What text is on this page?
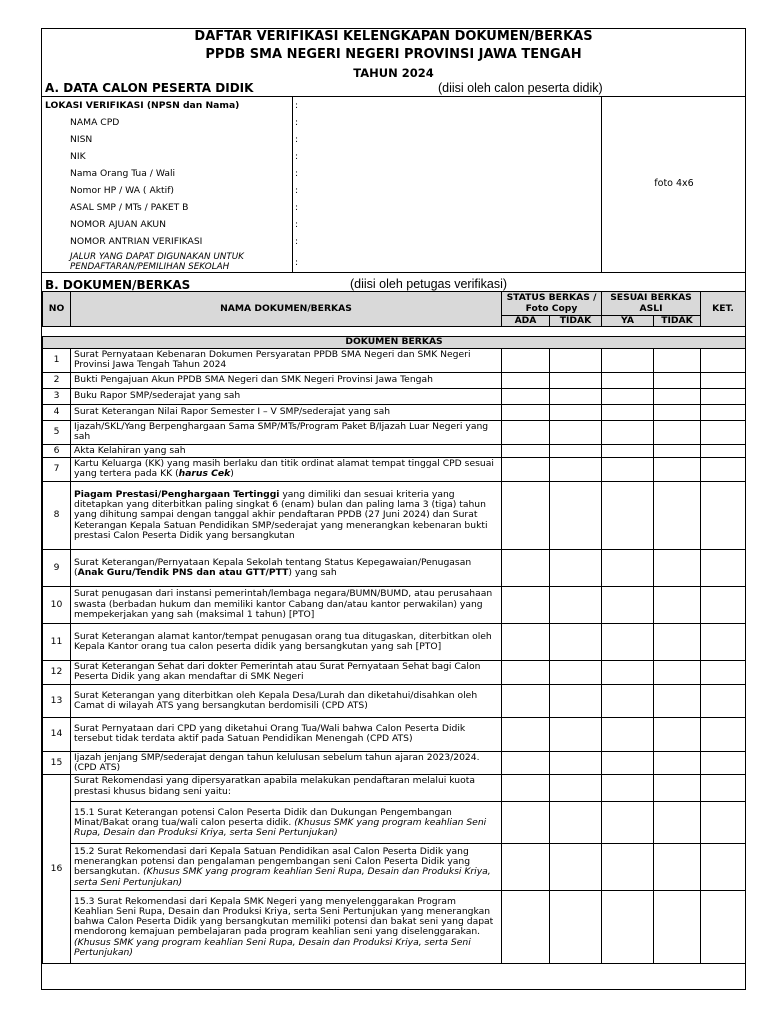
DAFTAR VERIFIKASI KELENGKAPAN DOKUMEN/BERKAS
PPDB SMA NEGERI NEGERI PROVINSI JAWA TENGAH
TAHUN 2024
A. DATA CALON PESERTA DIDIK	(diisi oleh calon peserta didik)
foto 4x6
LOKASI VERIFIKASI (NPSN dan Nama)	:
NAMA CPD	:
NISN	:
NIK	:
Nama Orang Tua / Wali	:
Nomor HP / WA ( Aktif)	:
ASAL SMP / MTs / PAKET B	:
NOMOR AJUAN AKUN	:
NOMOR ANTRIAN VERIFIKASI	:
JALUR YANG DAPAT DIGUNAKAN UNTUK PENDAFTARAN/PEMILIHAN SEKOLAH	:
B. DOKUMEN/BERKAS	(diisi oleh petugas verifikasi)
NO	NAMA DOKUMEN/BERKAS	STATUS BERKAS / Foto Copy		SESUAI BERKAS ASLI		KET.
		ADA	TIDAK	YA	TIDAK	

DOKUMEN BERKAS						
1	Surat Pernyataan Kebenaran Dokumen Persyaratan PPDB SMA Negeri dan SMK Negeri Provinsi Jawa Tengah Tahun 2024					
2	Bukti Pengajuan Akun PPDB SMA Negeri dan SMK Negeri Provinsi Jawa Tengah					
3	Buku Rapor SMP/sederajat yang sah					
4	Surat Keterangan Nilai Rapor Semester I – V SMP/sederajat yang sah					
5	Ijazah/SKL/Yang Berpenghargaan Sama SMP/MTs/Program Paket B/Ijazah Luar Negeri yang sah					
6	Akta Kelahiran yang sah					
7	Kartu Keluarga (KK) yang masih berlaku dan titik ordinat alamat tempat tinggal CPD sesuai yang tertera pada KK (harus Cek)					
8	Piagam Prestasi/Penghargaan Tertinggi yang dimiliki dan sesuai kriteria yang ditetapkan yang diterbitkan paling singkat 6 (enam) bulan dan paling lama 3 (tiga) tahun yang dihitung sampai dengan tanggal akhir pendaftaran PPDB (27 Juni 2024) dan Surat Keterangan Kepala Satuan Pendidikan SMP/sederajat yang menerangkan kebenaran bukti prestasi Calon Peserta Didik yang bersangkutan					
9	Surat Keterangan/Pernyataan Kepala Sekolah tentang Status Kepegawaian/Penugasan (Anak Guru/Tendik PNS dan atau GTT/PTT) yang sah					
10	Surat penugasan dari instansi pemerintah/lembaga negara/BUMN/BUMD, atau perusahaan swasta (berbadan hukum dan memiliki kantor Cabang dan/atau kantor perwakilan) yang mempekerjakan yang sah (maksimal 1 tahun) [PTO]					
11	Surat Keterangan alamat kantor/tempat penugasan orang tua ditugaskan, diterbitkan oleh Kepala Kantor orang tua calon peserta didik yang bersangkutan yang sah [PTO]					
12	Surat Keterangan Sehat dari dokter Pemerintah atau Surat Pernyataan Sehat bagi Calon Peserta Didik yang akan mendaftar di SMK Negeri					
13	Surat Keterangan yang diterbitkan oleh Kepala Desa/Lurah dan diketahui/disahkan oleh Camat di wilayah ATS yang bersangkutan berdomisili (CPD ATS)					
14	Surat Pernyataan dari CPD yang diketahui Orang Tua/Wali bahwa Calon Peserta Didik tersebut tidak terdata aktif pada Satuan Pendidikan Menengah (CPD ATS)					
15	Ijazah jenjang SMP/sederajat dengan tahun kelulusan sebelum tahun ajaran 2023/2024. (CPD ATS)					
16	Surat Rekomendasi yang dipersyaratkan apabila melakukan pendaftaran melalui kuota prestasi khusus bidang seni yaitu:					
	15.1 Surat Keterangan potensi Calon Peserta Didik dan Dukungan Pengembangan Minat/Bakat orang tua/wali calon peserta didik. (Khusus SMK yang program keahlian Seni Rupa, Desain dan Produksi Kriya, serta Seni Pertunjukan)					
	15.2 Surat Rekomendasi dari Kepala Satuan Pendidikan asal Calon Peserta Didik yang menerangkan potensi dan pengalaman pengembangan seni Calon Peserta Didik yang bersangkutan. (Khusus SMK yang program keahlian Seni Rupa, Desain dan Produksi Kriya, serta Seni Pertunjukan)					
	15.3 Surat Rekomendasi dari Kepala SMK Negeri yang menyelenggarakan Program Keahlian Seni Rupa, Desain dan Produksi Kriya, serta Seni Pertunjukan yang menerangkan bahwa Calon Peserta Didik yang bersangkutan memiliki potensi dan bakat seni yang dapat mendorong kemajuan pembelajaran pada program keahlian seni yang diselenggarakan. (Khusus SMK yang program keahlian Seni Rupa, Desain dan Produksi Kriya, serta Seni Pertunjukan)					
